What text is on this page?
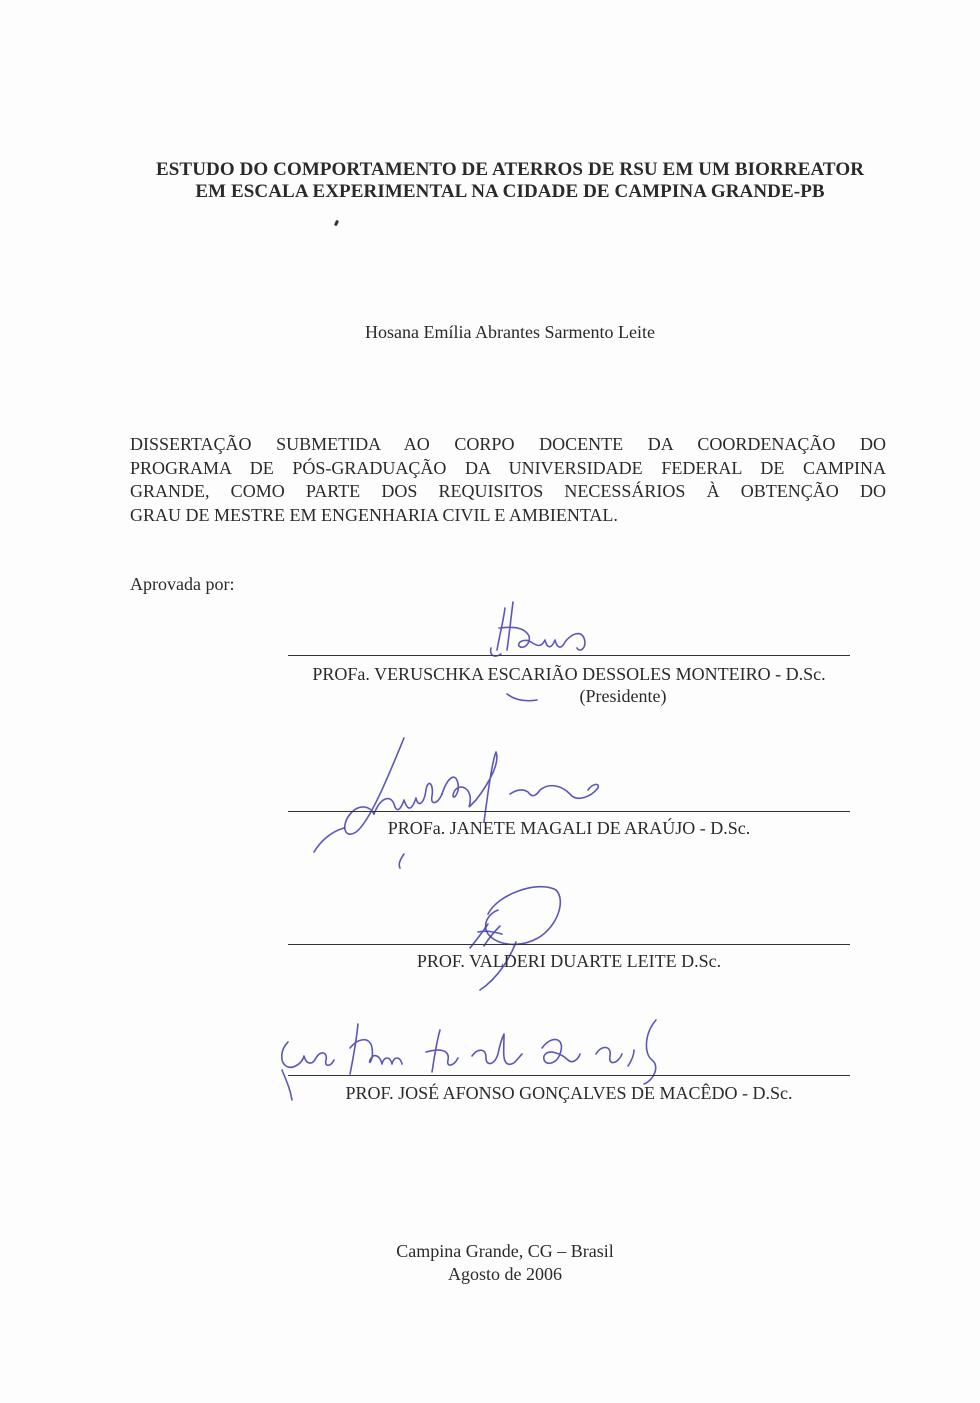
ESTUDO DO COMPORTAMENTO DE ATERROS DE RSU EM UM BIORREATOR
EM ESCALA EXPERIMENTAL NA CIDADE DE CAMPINA GRANDE-PB
Hosana Emília Abrantes Sarmento Leite
DISSERTAÇÃO SUBMETIDA AO CORPO DOCENTE DA COORDENAÇÃO DO
PROGRAMA DE PÓS-GRADUAÇÃO DA UNIVERSIDADE FEDERAL DE CAMPINA
GRANDE, COMO PARTE DOS REQUISITOS NECESSÁRIOS À OBTENÇÃO DO
GRAU DE MESTRE EM ENGENHARIA CIVIL E AMBIENTAL.
Aprovada por:
PROFa. VERUSCHKA ESCARIÃO DESSOLES MONTEIRO - D.Sc.
(Presidente)
PROFa. JANETE MAGALI DE ARAÚJO - D.Sc.
PROF. VALDERI DUARTE LEITE D.Sc.
PROF. JOSÉ AFONSO GONÇALVES DE MACÊDO - D.Sc.
Campina Grande, CG – Brasil
Agosto de 2006
